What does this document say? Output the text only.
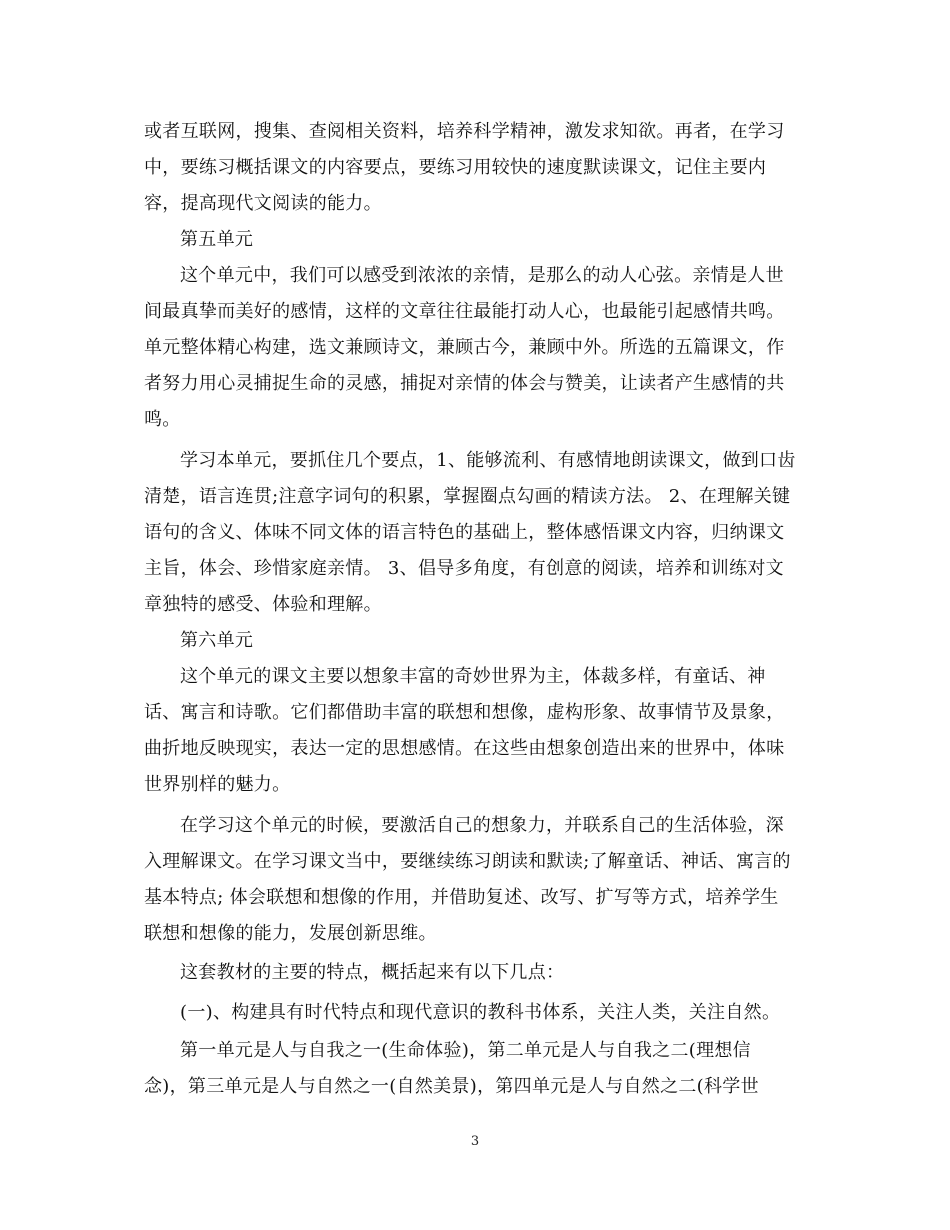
或者互联网，搜集、查阅相关资料，培养科学精神，激发求知欲。再者，在学习
中，要练习概括课文的内容要点，要练习用较快的速度默读课文，记住主要内
容，提高现代文阅读的能力。
第五单元
这个单元中，我们可以感受到浓浓的亲情，是那么的动人心弦。亲情是人世
间最真挚而美好的感情，这样的文章往往最能打动人心，也最能引起感情共鸣。
单元整体精心构建，选文兼顾诗文，兼顾古今，兼顾中外。所选的五篇课文，作
者努力用心灵捕捉生命的灵感，捕捉对亲情的体会与赞美，让读者产生感情的共
鸣。
学习本单元，要抓住几个要点，1、能够流利、有感情地朗读课文，做到口齿
清楚，语言连贯;注意字词句的积累，掌握圈点勾画的精读方法。 2、在理解关键
语句的含义、体味不同文体的语言特色的基础上，整体感悟课文内容，归纳课文
主旨，体会、珍惜家庭亲情。 3、倡导多角度，有创意的阅读，培养和训练对文
章独特的感受、体验和理解。
第六单元
这个单元的课文主要以想象丰富的奇妙世界为主，体裁多样，有童话、神
话、寓言和诗歌。它们都借助丰富的联想和想像，虚构形象、故事情节及景象，
曲折地反映现实，表达一定的思想感情。在这些由想象创造出来的世界中，体味
世界别样的魅力。
在学习这个单元的时候，要激活自己的想象力，并联系自己的生活体验，深
入理解课文。在学习课文当中，要继续练习朗读和默读;了解童话、神话、寓言的
基本特点; 体会联想和想像的作用，并借助复述、改写、扩写等方式，培养学生
联想和想像的能力，发展创新思维。
这套教材的主要的特点，概括起来有以下几点：
(一)、构建具有时代特点和现代意识的教科书体系，关注人类，关注自然。
第一单元是人与自我之一(生命体验)，第二单元是人与自我之二(理想信
念)，第三单元是人与自然之一(自然美景)，第四单元是人与自然之二(科学世
3
